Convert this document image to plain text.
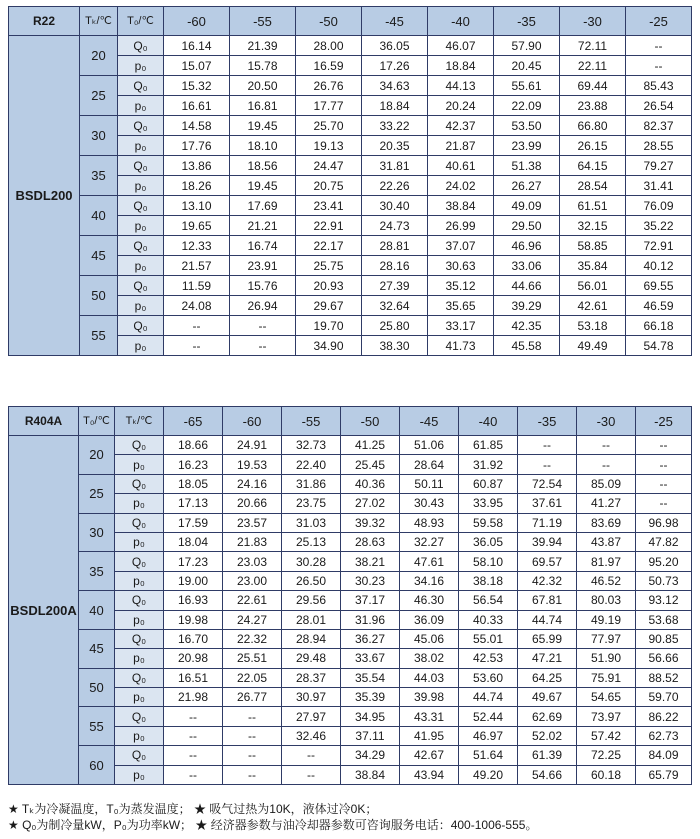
R22	Tₖ/℃	T₀/℃	-60	-55	-50	-45	-40	-35	-30	-25
BSDL200	20	Q₀	16.14	21.39	28.00	36.05	46.07	57.90	72.11	--
		p₀	15.07	15.78	16.59	17.26	18.84	20.45	22.11	--
	25	Q₀	15.32	20.50	26.76	34.63	44.13	55.61	69.44	85.43
		p₀	16.61	16.81	17.77	18.84	20.24	22.09	23.88	26.54
	30	Q₀	14.58	19.45	25.70	33.22	42.37	53.50	66.80	82.37
		p₀	17.76	18.10	19.13	20.35	21.87	23.99	26.15	28.55
	35	Q₀	13.86	18.56	24.47	31.81	40.61	51.38	64.15	79.27
		p₀	18.26	19.45	20.75	22.26	24.02	26.27	28.54	31.41
	40	Q₀	13.10	17.69	23.41	30.40	38.84	49.09	61.51	76.09
		p₀	19.65	21.21	22.91	24.73	26.99	29.50	32.15	35.22
	45	Q₀	12.33	16.74	22.17	28.81	37.07	46.96	58.85	72.91
		p₀	21.57	23.91	25.75	28.16	30.63	33.06	35.84	40.12
	50	Q₀	11.59	15.76	20.93	27.39	35.12	44.66	56.01	69.55
		p₀	24.08	26.94	29.67	32.64	35.65	39.29	42.61	46.59
	55	Q₀	--	--	19.70	25.80	33.17	42.35	53.18	66.18
		p₀	--	--	34.90	38.30	41.73	45.58	49.49	54.78
R404A	T₀/℃	Tₖ/℃	-65	-60	-55	-50	-45	-40	-35	-30	-25
BSDL200A	20	Q₀	18.66	24.91	32.73	41.25	51.06	61.85	--	--	--
		p₀	16.23	19.53	22.40	25.45	28.64	31.92	--	--	--
	25	Q₀	18.05	24.16	31.86	40.36	50.11	60.87	72.54	85.09	--
		p₀	17.13	20.66	23.75	27.02	30.43	33.95	37.61	41.27	--
	30	Q₀	17.59	23.57	31.03	39.32	48.93	59.58	71.19	83.69	96.98
		p₀	18.04	21.83	25.13	28.63	32.27	36.05	39.94	43.87	47.82
	35	Q₀	17.23	23.03	30.28	38.21	47.61	58.10	69.57	81.97	95.20
		p₀	19.00	23.00	26.50	30.23	34.16	38.18	42.32	46.52	50.73
	40	Q₀	16.93	22.61	29.56	37.17	46.30	56.54	67.81	80.03	93.12
		p₀	19.98	24.27	28.01	31.96	36.09	40.33	44.74	49.19	53.68
	45	Q₀	16.70	22.32	28.94	36.27	45.06	55.01	65.99	77.97	90.85
		p₀	20.98	25.51	29.48	33.67	38.02	42.53	47.21	51.90	56.66
	50	Q₀	16.51	22.05	28.37	35.54	44.03	53.60	64.25	75.91	88.52
		p₀	21.98	26.77	30.97	35.39	39.98	44.74	49.67	54.65	59.70
	55	Q₀	--	--	27.97	34.95	43.31	52.44	62.69	73.97	86.22
		p₀	--	--	32.46	37.11	41.95	46.97	52.02	57.42	62.73
	60	Q₀	--	--	--	34.29	42.67	51.64	61.39	72.25	84.09
		p₀	--	--	--	38.84	43.94	49.20	54.66	60.18	65.79
★ Tₖ为冷凝温度，T₀为蒸发温度； ★ 吸气过热为10K，液体过冷0K；
★ Q₀为制冷量kW，P₀为功率kW； ★ 经济器参数与油冷却器参数可咨询服务电话：400-1006-555。
